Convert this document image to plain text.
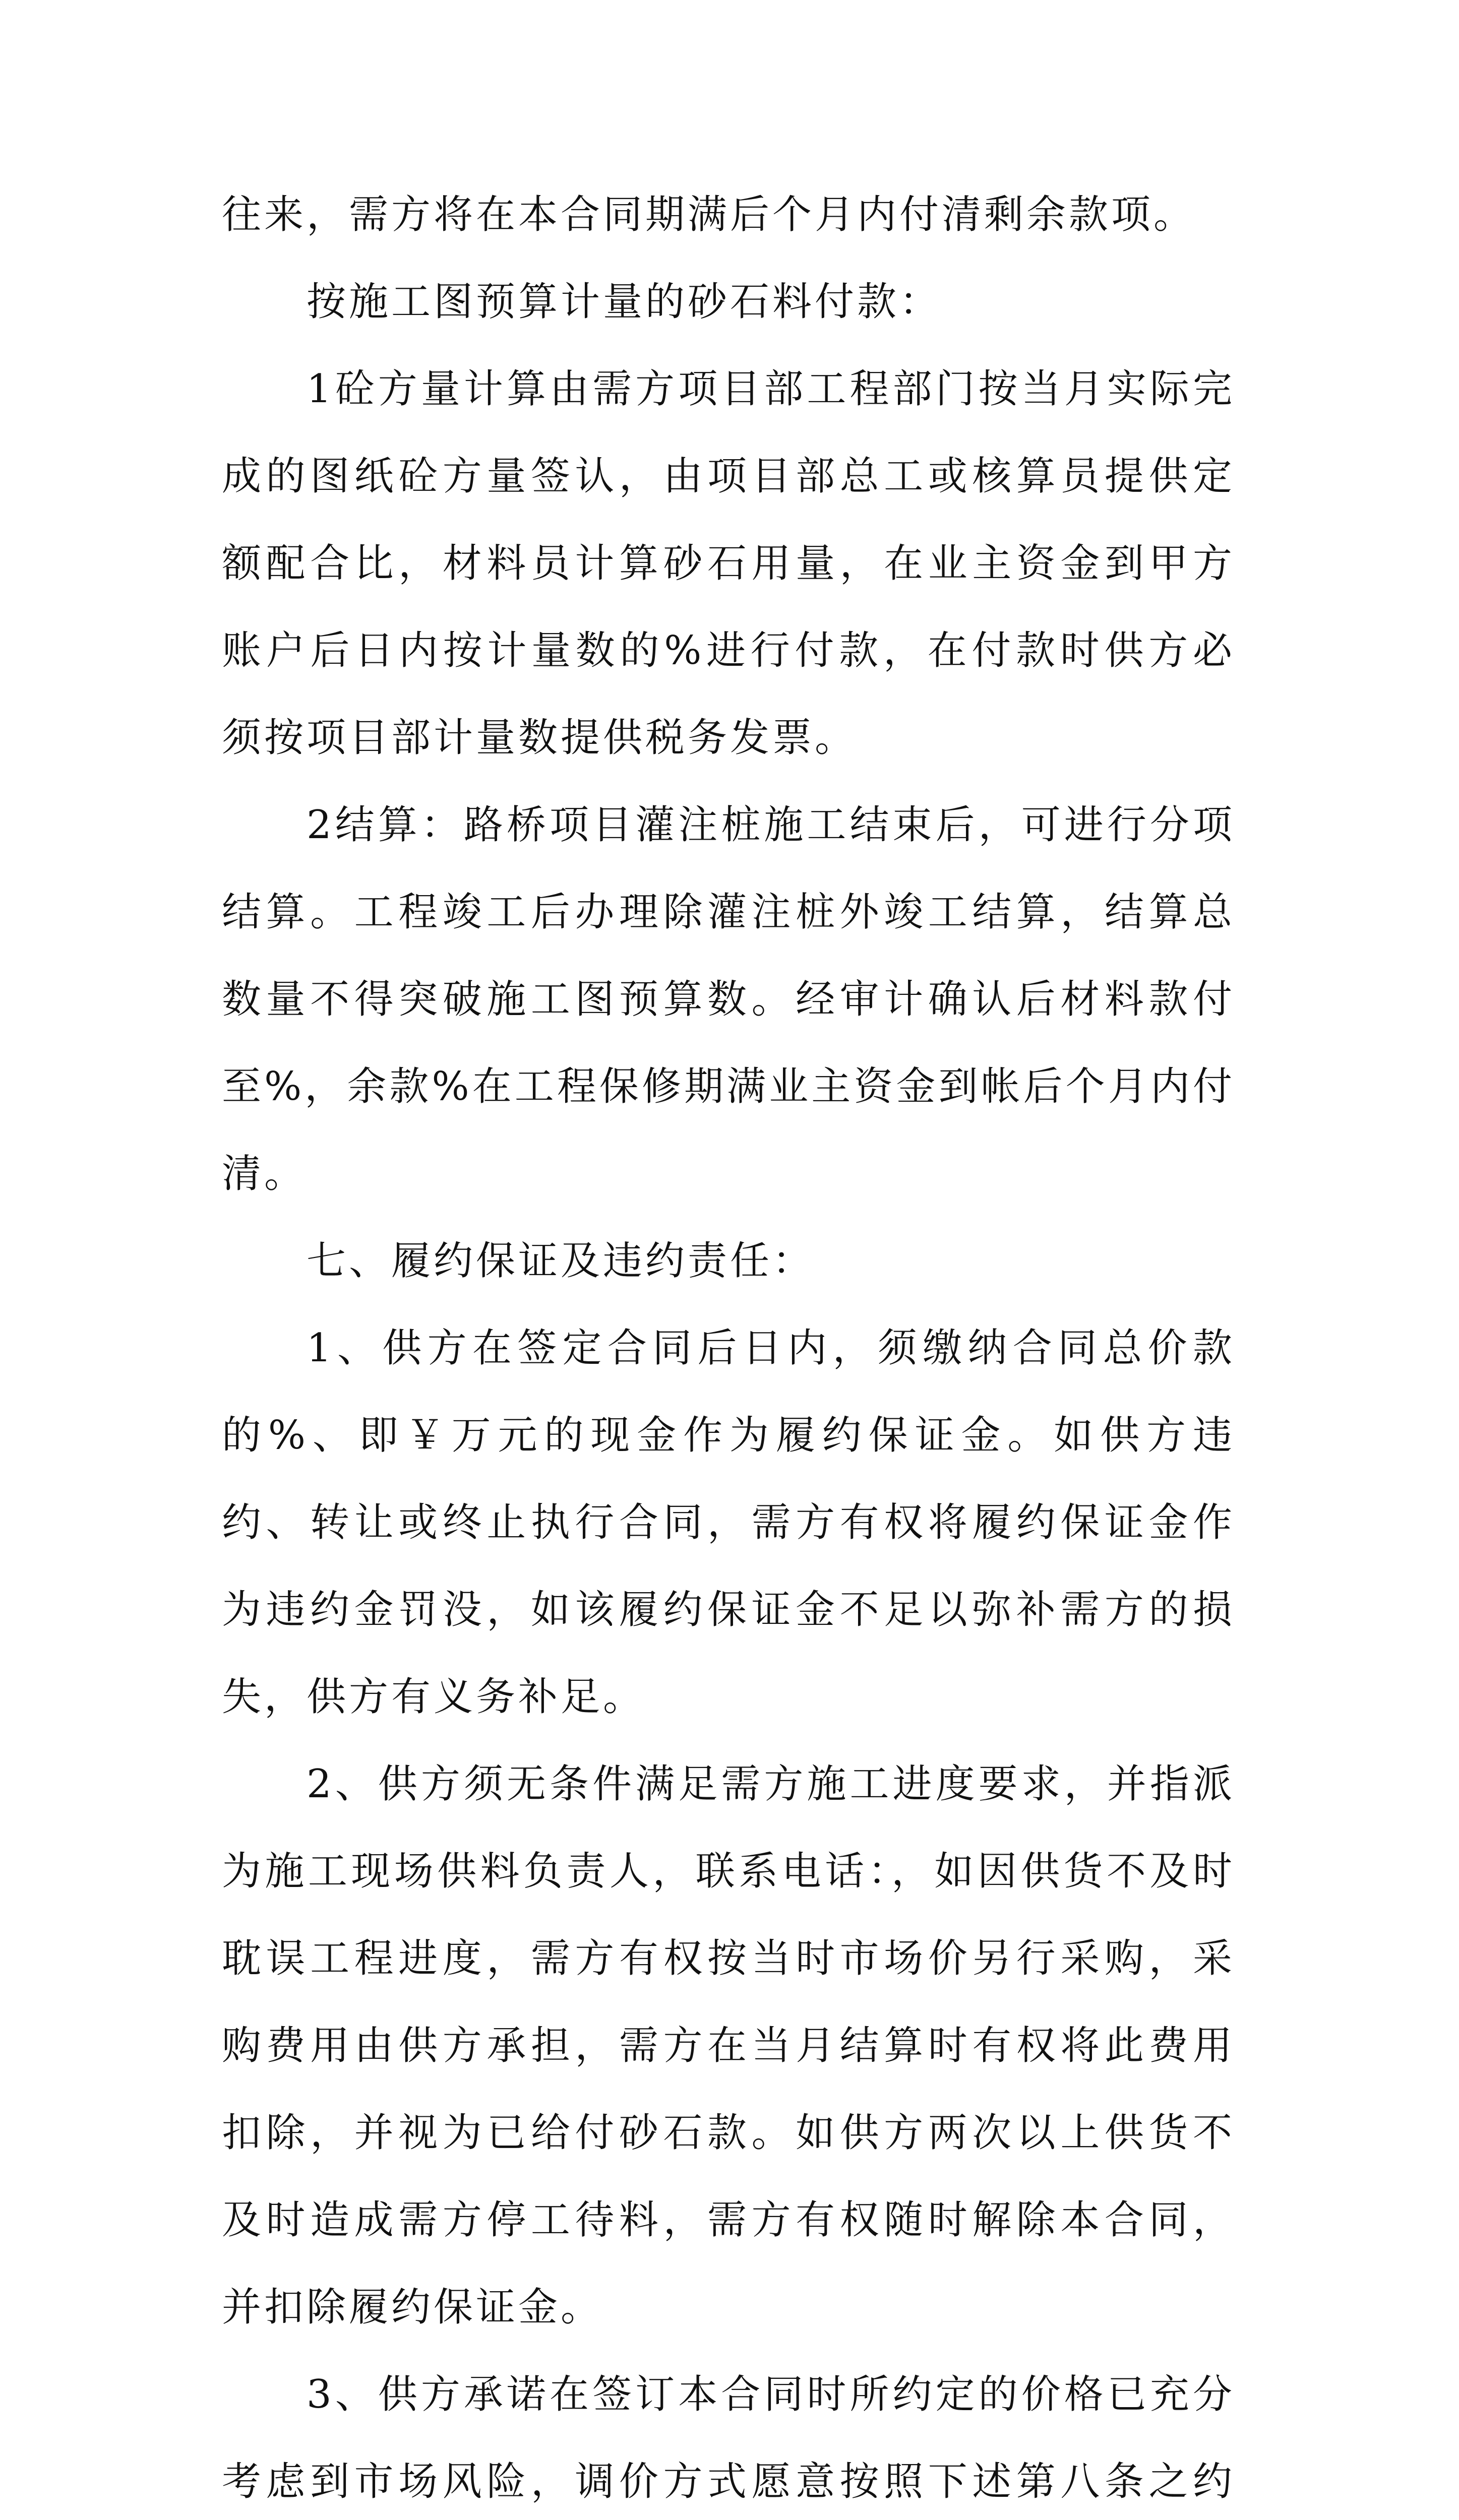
往来，需方将在本合同期满后个月内付清剩余款项。

按施工图预算计量的砂石料付款：

1砼方量计算由需方项目部工程部门按当月实际完成的图纸砼方量签认，由项目部总工或核算员提供定额配合比，材料员计算砂石用量，在业主资金到甲方账户后日内按计量数的%进行付款，在付款时供方必须按项目部计量数提供税务发票。

2结算：路桥项目灌注桩施工结束后，可进行分项结算。工程竣工后办理除灌注桩外竣工结算，结算总数量不得突破施工图预算数。经审计确认后材料款付至%，余款%在工程保修期满业主资金到帐后个月内付清。

七、履约保证及违约责任：

1、供方在签定合同后日内，须缴纳合同总价款的%、即￥万元的现金作为履约保证金。如供方违约、转让或终止执行合同，需方有权将履约保证金作为违约金罚没，如该履约保证金不足以弥补需方的损失，供方有义务补足。

2、供方须无条件满足需方施工进度要求，并指派为施工现场供料负责人，联系电话：，如因供货不及时耽误工程进度，需方有权按当时市场价另行采购，采购费用由供方承担，需方在当月结算时有权将此费用扣除，并视为已给付砂石款。如供方两次以上供货不及时造成需方停工待料，需方有权随时解除本合同，并扣除履约保证金。

3、供方承诺在签订本合同时所约定的价格已充分考虑到市场风险，调价方式愿意按照下述第八条之约
